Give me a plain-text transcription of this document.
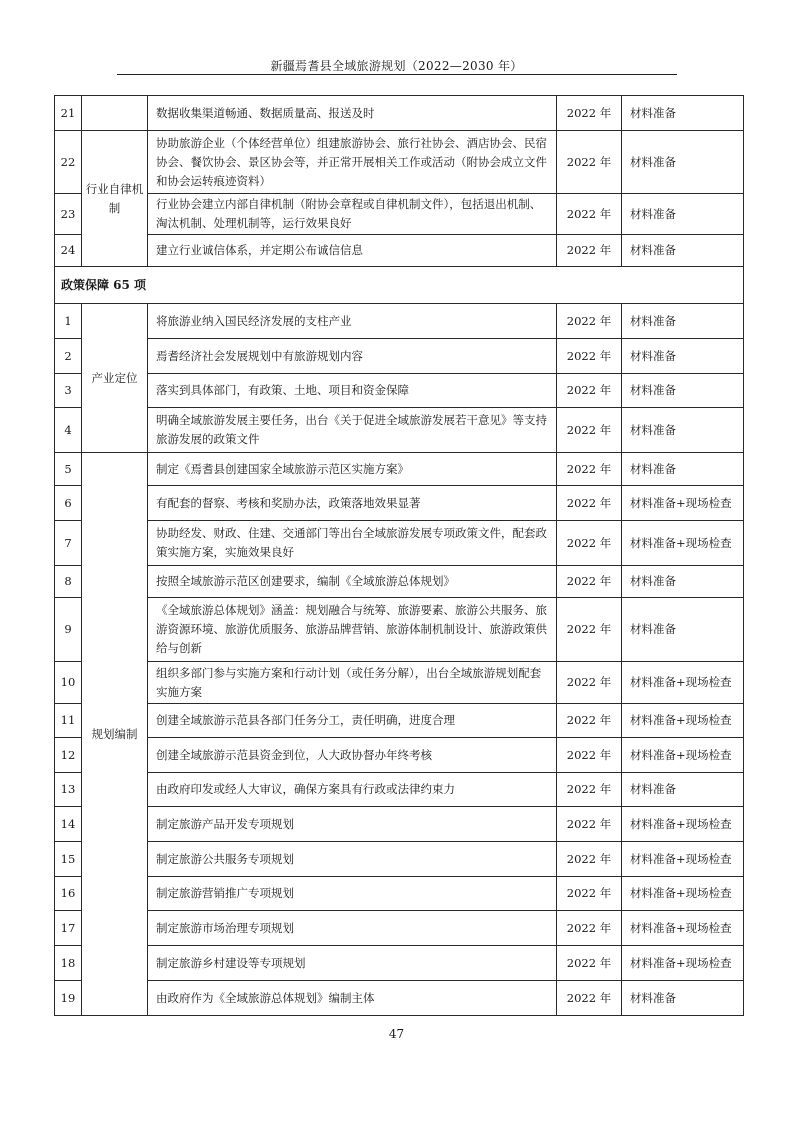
新疆焉耆县全域旅游规划（2022—2030 年）
21		数据收集渠道畅通、数据质量高、报送及时	2022 年	材料准备
22	行业自律机制	协助旅游企业（个体经营单位）组建旅游协会、旅行社协会、酒店协会、民宿协会、餐饮协会、景区协会等，并正常开展相关工作或活动（附协会成立文件和协会运转痕迹资料）	2022 年	材料准备
23		行业协会建立内部自律机制（附协会章程或自律机制文件），包括退出机制、淘汰机制、处理机制等，运行效果良好	2022 年	材料准备
24		建立行业诚信体系，并定期公布诚信信息	2022 年	材料准备
政策保障 65 项				
1	产业定位	将旅游业纳入国民经济发展的支柱产业	2022 年	材料准备
2		焉耆经济社会发展规划中有旅游规划内容	2022 年	材料准备
3		落实到具体部门，有政策、土地、项目和资金保障	2022 年	材料准备
4		明确全域旅游发展主要任务，出台《关于促进全域旅游发展若干意见》等支持旅游发展的政策文件	2022 年	材料准备
5	规划编制	制定《焉耆县创建国家全域旅游示范区实施方案》	2022 年	材料准备
6		有配套的督察、考核和奖励办法，政策落地效果显著	2022 年	材料准备+现场检查
7		协助经发、财政、住建、交通部门等出台全域旅游发展专项政策文件，配套政策实施方案，实施效果良好	2022 年	材料准备+现场检查
8		按照全域旅游示范区创建要求，编制《全域旅游总体规划》	2022 年	材料准备
9		《全域旅游总体规划》涵盖：规划融合与统筹、旅游要素、旅游公共服务、旅游资源环境、旅游优质服务、旅游品牌营销、旅游体制机制设计、旅游政策供给与创新	2022 年	材料准备
10		组织多部门参与实施方案和行动计划（或任务分解），出台全域旅游规划配套实施方案	2022 年	材料准备+现场检查
11		创建全域旅游示范县各部门任务分工，责任明确，进度合理	2022 年	材料准备+现场检查
12		创建全域旅游示范县资金到位，人大政协督办年终考核	2022 年	材料准备+现场检查
13		由政府印发或经人大审议，确保方案具有行政或法律约束力	2022 年	材料准备
14		制定旅游产品开发专项规划	2022 年	材料准备+现场检查
15		制定旅游公共服务专项规划	2022 年	材料准备+现场检查
16		制定旅游营销推广专项规划	2022 年	材料准备+现场检查
17		制定旅游市场治理专项规划	2022 年	材料准备+现场检查
18		制定旅游乡村建设等专项规划	2022 年	材料准备+现场检查
19		由政府作为《全域旅游总体规划》编制主体	2022 年	材料准备
47
